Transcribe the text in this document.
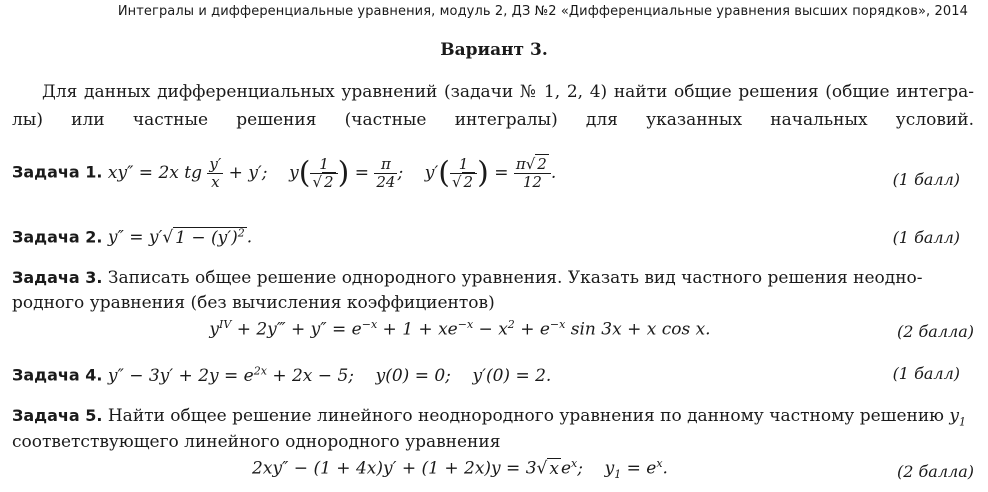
Интегралы и дифференциальные уравнения, модуль 2, ДЗ №2 «Дифференциальные уравнения высших порядков», 2014
Вариант 3.
Для данных дифференциальных уравнений (задачи № 1, 2, 4) найти общие решения (общие интегра-
лы) или частные решения (частные интегралы) для указанных начальных условий.
Задача 1. xy″ = 2x tg $\frac{y'}{x} + y'$;    $y( \frac{1}{√ 2}$ ) = $\frac{\pi}{24}$ ;    $y'( \frac{1}{√ 2}$ ) = $\frac{\pi√ 2}{12}$ .	(1 балл)
Задача 2. y″ = y′√ $1 - (y')^2$ .	(1 балл)
Задача 3. Записать общее решение однородного уравнения. Указать вид частного решения неодно-
родного уравнения (без вычисления коэффициентов)
$y^{IV}$ + 2y‴ + $y'' = e^{-x} + 1 + xe^{-x} - x^2 + e^{-x}$ sin 3x + x cos x.	(2 балла)
Задача 4. $y'' - 3y' + 2y = e^{2x} + 2x - 5$;    y(0) = 0;    y′(0) = 2.	(1 балл)
Задача 5. Найти общее решение линейного неоднородного уравнения по данному частному решению $y_1$
соответствующего линейного однородного уравнения
2xy″ − (1 + 4x)y′ + (1 + 2x)y = 3√ x $e^x$;    $y_1 = e^x$.	(2 балла)
